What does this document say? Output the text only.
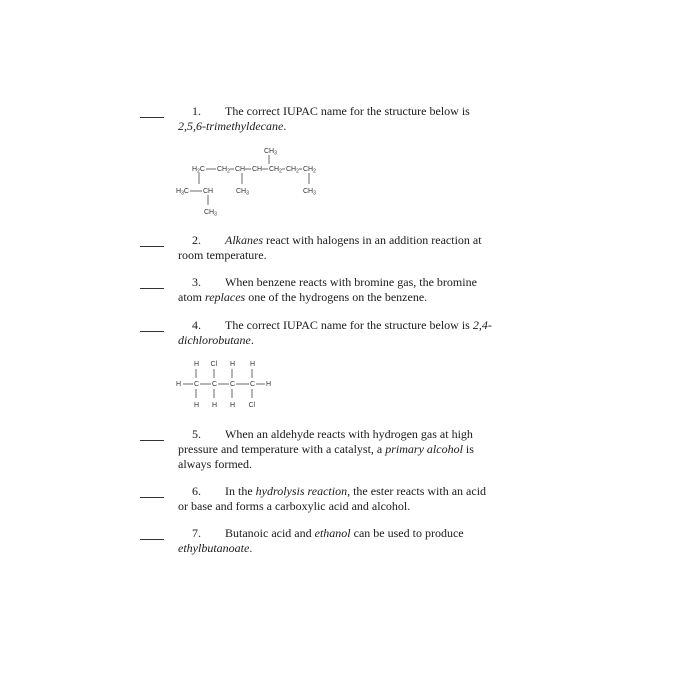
1. The correct IUPAC name for the structure below is 2,5,6-trimethyldecane.
$CH_3$
$H_2C$ $CH_2$ CH CH $CH_2$ $CH_2$ $CH_2$
$H_3C$ CH	$CH_3$	$CH_3$
$CH_3$
2. Alkanes react with halogens in an addition reaction at room temperature.
3. When benzene reacts with bromine gas, the bromine atom replaces one of the hydrogens on the benzene.
4. The correct IUPAC name for the structure below is 2,4-dichlorobutane.
H Cl H H
H C C C C H
H H H Cl
5. When an aldehyde reacts with hydrogen gas at high pressure and temperature with a catalyst, a primary alcohol is always formed.
6. In the hydrolysis reaction, the ester reacts with an acid or base and forms a carboxylic acid and alcohol.
7. Butanoic acid and ethanol can be used to produce ethylbutanoate.
